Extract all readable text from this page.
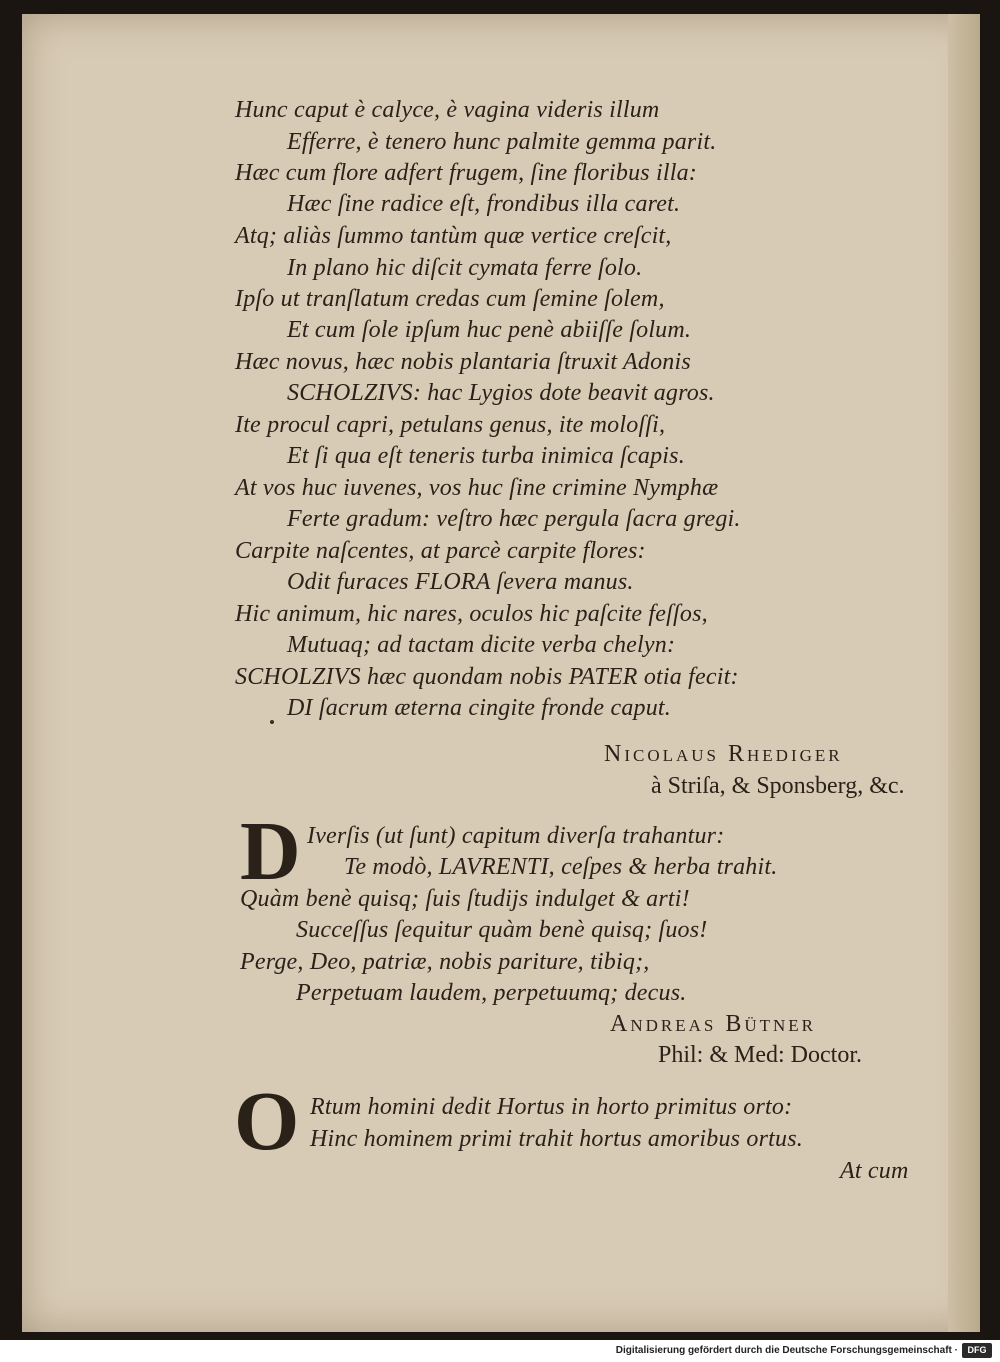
Hunc caput è calyce, è vagina videris illum
Efferre, è tenero hunc palmite gemma parit.
Hæc cum flore adfert frugem, ſine floribus illa:
Hæc ſine radice eſt, frondibus illa caret.
Atq; aliàs ſummo tantùm quæ vertice creſcit,
In plano hic diſcit cymata ferre ſolo.
Ipſo ut tranſlatum credas cum ſemine ſolem,
Et cum ſole ipſum huc penè abiiſſe ſolum.
Hæc novus, hæc nobis plantaria ſtruxit Adonis
SCHOLZIVS: hac Lygios dote beavit agros.
Ite procul capri, petulans genus, ite moloſſi,
Et ſi qua eſt teneris turba inimica ſcapis.
At vos huc iuvenes, vos huc ſine crimine Nymphæ
Ferte gradum: veſtro hæc pergula ſacra gregi.
Carpite naſcentes, at parcè carpite flores:
Odit furaces FLORA ſevera manus.
Hic animum, hic nares, oculos hic paſcite feſſos,
Mutuaq; ad tactam dicite verba chelyn:
SCHOLZIVS hæc quondam nobis PATER otia fecit:
DI ſacrum æterna cingite fronde caput.
Nicolaus Rhediger
à Striſa, & Sponsberg, &c.
D Iverſis (ut ſunt) capitum diverſa trahantur:
Te modò, LAVRENTI, ceſpes & herba trahit.
Quàm benè quisq; ſuis ſtudijs indulget & arti!
Succeſſus ſequitur quàm benè quisq; ſuos!
Perge, Deo, patriæ, nobis pariture, tibiq;,
Perpetuam laudem, perpetuumq; decus.
Andreas Bütner
Phil: & Med: Doctor.
O Rtum homini dedit Hortus in horto primitus orto:
Hinc hominem primi trahit hortus amoribus ortus.
At cum
Digitalisierung gefördert durch die Deutsche Forschungsgemeinschaft ·	DFG
